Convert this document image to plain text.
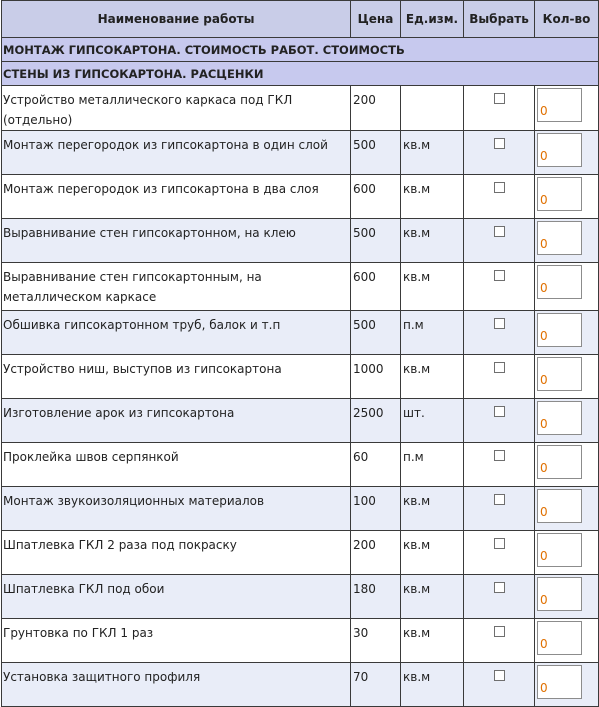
Наименование работы	Цена	Ед.изм.	Выбрать	Кол-во
МОНТАЖ ГИПСОКАРТОНА. СТОИМОСТЬ РАБОТ. СТОИМОСТЬ				
СТЕНЫ ИЗ ГИПСОКАРТОНА. РАСЦЕНКИ				
Устройство металлического каркаса под ГКЛ (отдельно)	200			0

Монтаж перегородок из гипсокартона в один слой	500	кв.м		0

Монтаж перегородок из гипсокартона в два слоя	600	кв.м		0

Выравнивание стен гипсокартонном, на клею	500	кв.м		0

Выравнивание стен гипсокартонным, на металлическом каркасе	600	кв.м		0

Обшивка гипсокартонном труб, балок и т.п	500	п.м		0

Устройство ниш, выступов из гипсокартона	1000	кв.м		0

Изготовление арок из гипсокартона	2500	шт.		0

Проклейка швов серпянкой	60	п.м		0

Монтаж звукоизоляционных материалов	100	кв.м		0

Шпатлевка ГКЛ 2 раза под покраску	200	кв.м		0

Шпатлевка ГКЛ под обои	180	кв.м		0

Грунтовка по ГКЛ 1 раз	30	кв.м		0

Установка защитного профиля	70	кв.м		0
